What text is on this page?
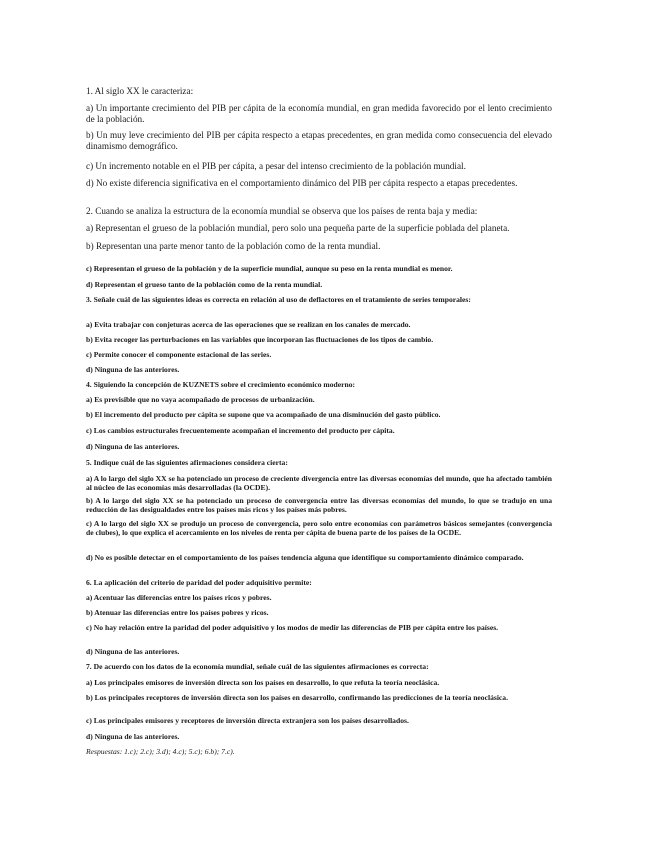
1. Al siglo XX le caracteriza:

a) Un importante crecimiento del PIB per cápita de la economía mundial, en gran medida favorecido por el lento crecimiento de la población.

b) Un muy leve crecimiento del PIB per cápita respecto a etapas precedentes, en gran medida como consecuencia del elevado dinamismo demográfico.

c) Un incremento notable en el PIB per cápita, a pesar del intenso crecimiento de la población mundial.

d) No existe diferencia significativa en el comportamiento dinámico del PIB per cápita respecto a etapas precedentes.

2. Cuando se analiza la estructura de la economía mundial se observa que los países de renta baja y media:

a) Representan el grueso de la población mundial, pero solo una pequeña parte de la superficie poblada del planeta.

b) Representan una parte menor tanto de la población como de la renta mundial.

c) Representan el grueso de la población y de la superficie mundial, aunque su peso en la renta mundial es menor.

d) Representan el grueso tanto de la población como de la renta mundial.

3. Señale cuál de las siguientes ideas es correcta en relación al uso de deflactores en el tratamiento de series temporales:

a) Evita trabajar con conjeturas acerca de las operaciones que se realizan en los canales de mercado.

b) Evita recoger las perturbaciones en las variables que incorporan las fluctuaciones de los tipos de cambio.

c) Permite conocer el componente estacional de las series.

d) Ninguna de las anteriores.

4. Siguiendo la concepción de KUZNETS sobre el crecimiento económico moderno:

a) Es previsible que no vaya acompañado de procesos de urbanización.

b) El incremento del producto per cápita se supone que va acompañado de una disminución del gasto público.

c) Los cambios estructurales frecuentemente acompañan el incremento del producto per cápita.

d) Ninguna de las anteriores.

5. Indique cuál de las siguientes afirmaciones considera cierta:

a) A lo largo del siglo XX se ha potenciado un proceso de creciente divergencia entre las diversas economías del mundo, que ha afectado también al núcleo de las economías más desarrolladas (la OCDE).

b) A lo largo del siglo XX se ha potenciado un proceso de convergencia entre las diversas economías del mundo, lo que se tradujo en una reducción de las desigualdades entre los países más ricos y los países más pobres.

c) A lo largo del siglo XX se produjo un proceso de convergencia, pero solo entre economías con parámetros básicos semejantes (convergencia de clubes), lo que explica el acercamiento en los niveles de renta per cápita de buena parte de los países de la OCDE.

d) No es posible detectar en el comportamiento de los países tendencia alguna que identifique su comportamiento dinámico comparado.

6. La aplicación del criterio de paridad del poder adquisitivo permite:

a) Acentuar las diferencias entre los países ricos y pobres.

b) Atenuar las diferencias entre los países pobres y ricos.

c) No hay relación entre la paridad del poder adquisitivo y los modos de medir las diferencias de PIB per cápita entre los países.

d) Ninguna de las anteriores.

7. De acuerdo con los datos de la economía mundial, señale cuál de las siguientes afirmaciones es correcta:

a) Los principales emisores de inversión directa son los países en desarrollo, lo que refuta la teoría neoclásica.

b) Los principales receptores de inversión directa son los países en desarrollo, confirmando las predicciones de la teoría neoclásica.

c) Los principales emisores y receptores de inversión directa extranjera son los países desarrollados.

d) Ninguna de las anteriores.

Respuestas: 1.c); 2.c); 3.d); 4.c); 5.c); 6.b); 7.c).
